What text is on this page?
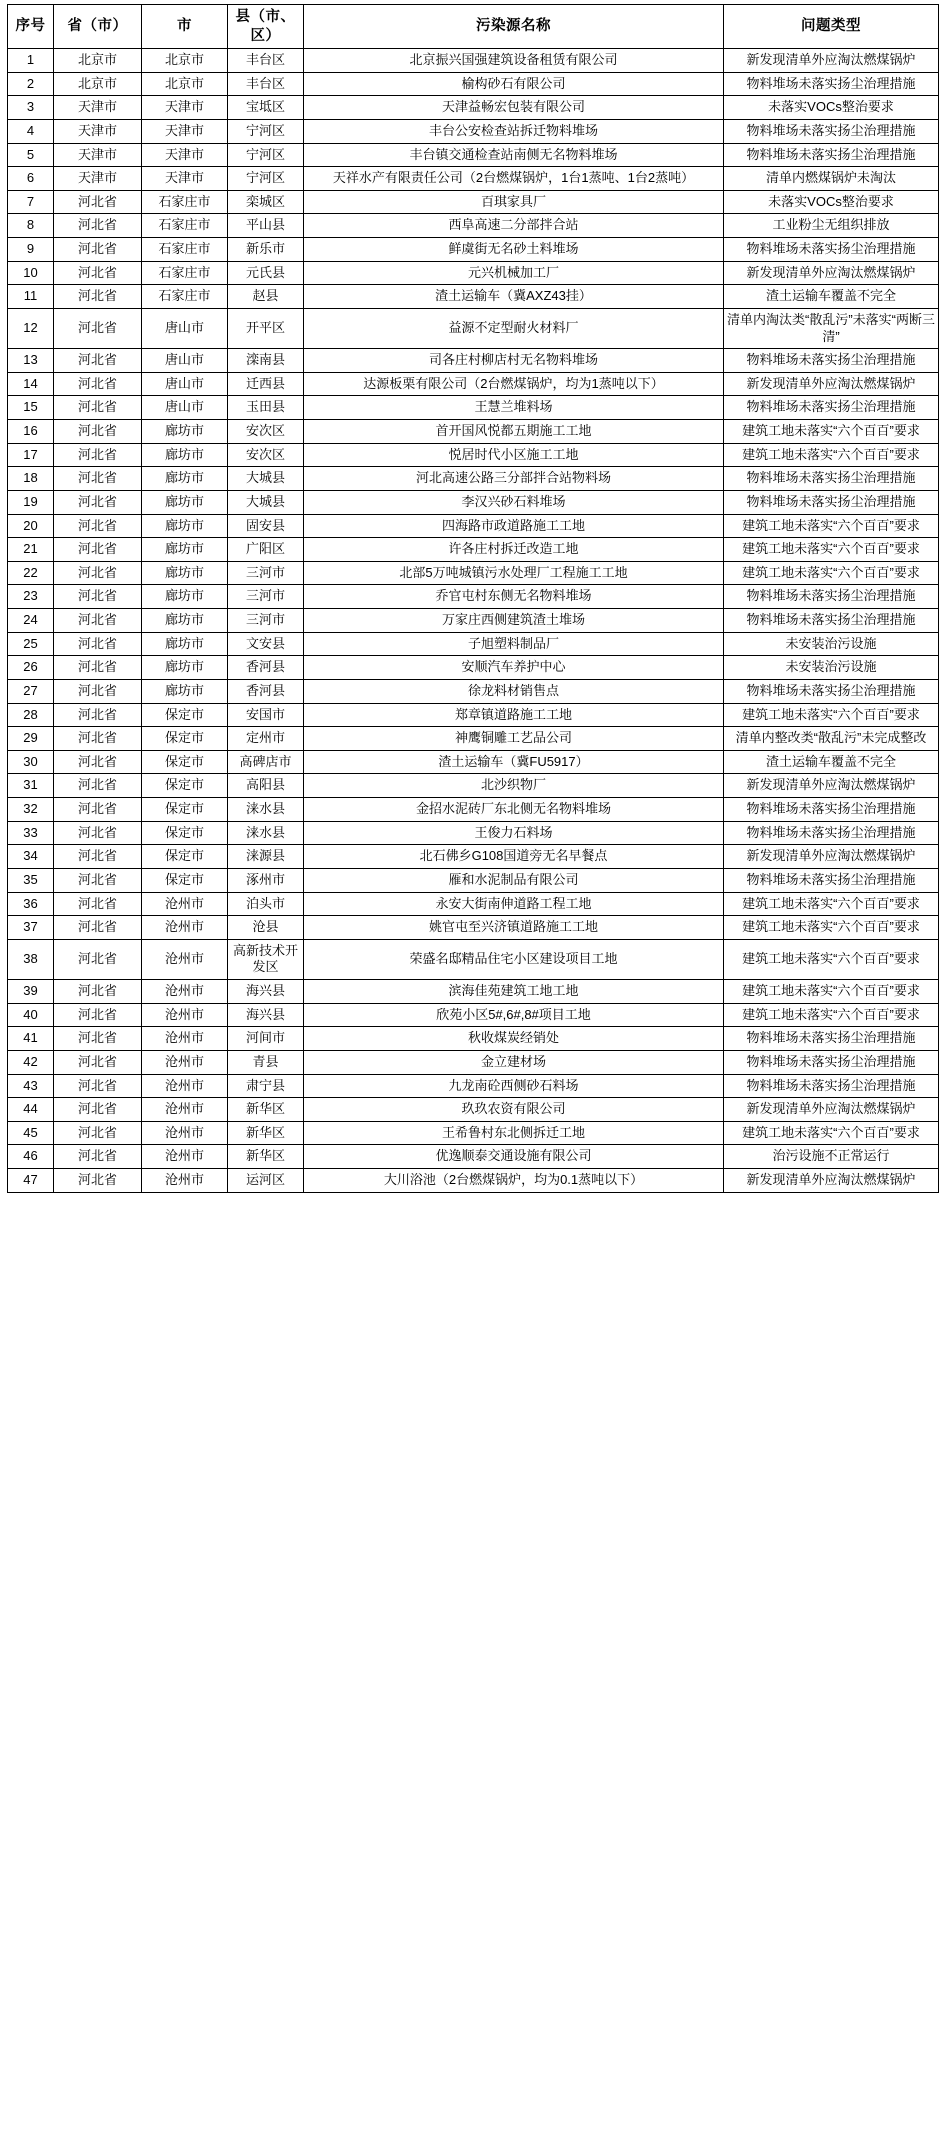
序号	省（市）	市	县（市、区）	污染源名称	问题类型
1	北京市	北京市	丰台区	北京振兴国强建筑设备租赁有限公司	新发现清单外应淘汰燃煤锅炉
2	北京市	北京市	丰台区	榆构砂石有限公司	物料堆场未落实扬尘治理措施
3	天津市	天津市	宝坻区	天津益畅宏包装有限公司	未落实VOCs整治要求
4	天津市	天津市	宁河区	丰台公安检查站拆迁物料堆场	物料堆场未落实扬尘治理措施
5	天津市	天津市	宁河区	丰台镇交通检查站南侧无名物料堆场	物料堆场未落实扬尘治理措施
6	天津市	天津市	宁河区	天祥水产有限责任公司（2台燃煤锅炉，1台1蒸吨、1台2蒸吨）	清单内燃煤锅炉未淘汰
7	河北省	石家庄市	栾城区	百琪家具厂	未落实VOCs整治要求
8	河北省	石家庄市	平山县	西阜高速二分部拌合站	工业粉尘无组织排放
9	河北省	石家庄市	新乐市	鲜虞街无名砂土料堆场	物料堆场未落实扬尘治理措施
10	河北省	石家庄市	元氏县	元兴机械加工厂	新发现清单外应淘汰燃煤锅炉
11	河北省	石家庄市	赵县	渣土运输车（冀AXZ43挂）	渣土运输车覆盖不完全
12	河北省	唐山市	开平区	益源不定型耐火材料厂	清单内淘汰类“散乱污”未落实“两断三清”
13	河北省	唐山市	滦南县	司各庄村柳店村无名物料堆场	物料堆场未落实扬尘治理措施
14	河北省	唐山市	迁西县	达源板栗有限公司（2台燃煤锅炉，均为1蒸吨以下）	新发现清单外应淘汰燃煤锅炉
15	河北省	唐山市	玉田县	王慧兰堆料场	物料堆场未落实扬尘治理措施
16	河北省	廊坊市	安次区	首开国风悦都五期施工工地	建筑工地未落实“六个百百”要求
17	河北省	廊坊市	安次区	悦居时代小区施工工地	建筑工地未落实“六个百百”要求
18	河北省	廊坊市	大城县	河北高速公路三分部拌合站物料场	物料堆场未落实扬尘治理措施
19	河北省	廊坊市	大城县	李汉兴砂石料堆场	物料堆场未落实扬尘治理措施
20	河北省	廊坊市	固安县	四海路市政道路施工工地	建筑工地未落实“六个百百”要求
21	河北省	廊坊市	广阳区	许各庄村拆迁改造工地	建筑工地未落实“六个百百”要求
22	河北省	廊坊市	三河市	北部5万吨城镇污水处理厂工程施工工地	建筑工地未落实“六个百百”要求
23	河北省	廊坊市	三河市	乔官屯村东侧无名物料堆场	物料堆场未落实扬尘治理措施
24	河北省	廊坊市	三河市	万家庄西侧建筑渣土堆场	物料堆场未落实扬尘治理措施
25	河北省	廊坊市	文安县	子旭塑料制品厂	未安装治污设施
26	河北省	廊坊市	香河县	安顺汽车养护中心	未安装治污设施
27	河北省	廊坊市	香河县	徐龙料材销售点	物料堆场未落实扬尘治理措施
28	河北省	保定市	安国市	郑章镇道路施工工地	建筑工地未落实“六个百百”要求
29	河北省	保定市	定州市	神鹰铜雕工艺品公司	清单内整改类“散乱污”未完成整改
30	河北省	保定市	高碑店市	渣土运输车（冀FU5917）	渣土运输车覆盖不完全
31	河北省	保定市	高阳县	北沙织物厂	新发现清单外应淘汰燃煤锅炉
32	河北省	保定市	涞水县	金招水泥砖厂东北侧无名物料堆场	物料堆场未落实扬尘治理措施
33	河北省	保定市	涞水县	王俊力石料场	物料堆场未落实扬尘治理措施
34	河北省	保定市	涞源县	北石佛乡G108国道旁无名早餐点	新发现清单外应淘汰燃煤锅炉
35	河北省	保定市	涿州市	雁和水泥制品有限公司	物料堆场未落实扬尘治理措施
36	河北省	沧州市	泊头市	永安大街南伸道路工程工地	建筑工地未落实“六个百百”要求
37	河北省	沧州市	沧县	姚官屯至兴济镇道路施工工地	建筑工地未落实“六个百百”要求
38	河北省	沧州市	高新技术开发区	荣盛名邸精品住宅小区建设项目工地	建筑工地未落实“六个百百”要求
39	河北省	沧州市	海兴县	滨海佳苑建筑工地工地	建筑工地未落实“六个百百”要求
40	河北省	沧州市	海兴县	欣苑小区5#,6#,8#项目工地	建筑工地未落实“六个百百”要求
41	河北省	沧州市	河间市	秋收煤炭经销处	物料堆场未落实扬尘治理措施
42	河北省	沧州市	青县	金立建材场	物料堆场未落实扬尘治理措施
43	河北省	沧州市	肃宁县	九龙南砼西侧砂石料场	物料堆场未落实扬尘治理措施
44	河北省	沧州市	新华区	玖玖农资有限公司	新发现清单外应淘汰燃煤锅炉
45	河北省	沧州市	新华区	王希鲁村东北侧拆迁工地	建筑工地未落实“六个百百”要求
46	河北省	沧州市	新华区	优逸顺泰交通设施有限公司	治污设施不正常运行
47	河北省	沧州市	运河区	大川浴池（2台燃煤锅炉，均为0.1蒸吨以下）	新发现清单外应淘汰燃煤锅炉
